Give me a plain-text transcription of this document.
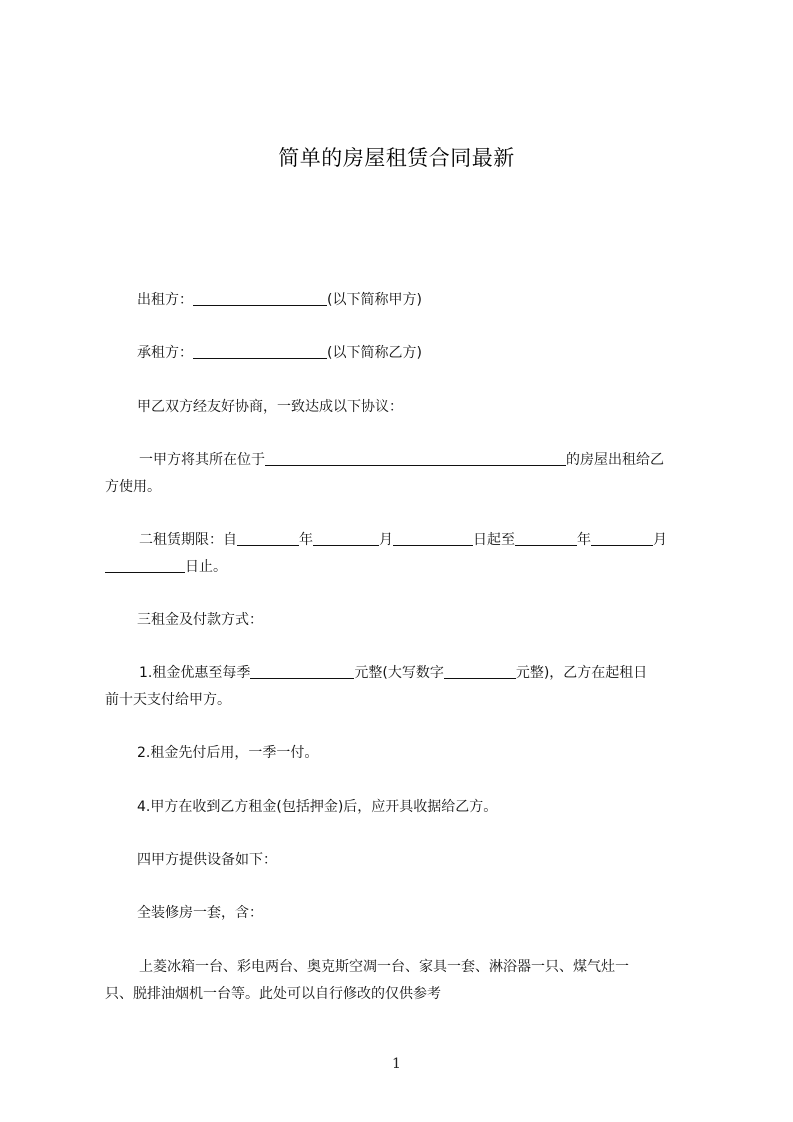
简单的房屋租赁合同最新
出租方：	(以下简称甲方)
承租方：	(以下简称乙方)
甲乙双方经友好协商，一致达成以下协议：
一甲方将其所在位于	的房屋出租给乙
方使用。
二租赁期限：自	年	月	日起至	年	月
日止。
三租金及付款方式：
1.租金优惠至每季	元整(大写数字	元整)，乙方在起租日
前十天支付给甲方。
2.租金先付后用，一季一付。
4.甲方在收到乙方租金(包括押金)后，应开具收据给乙方。
四甲方提供设备如下：
全装修房一套，含：
上菱冰箱一台、彩电两台、奥克斯空凋一台、家具一套、淋浴器一只、煤气灶一
只、脱排油烟机一台等。此处可以自行修改的仅供参考
1
